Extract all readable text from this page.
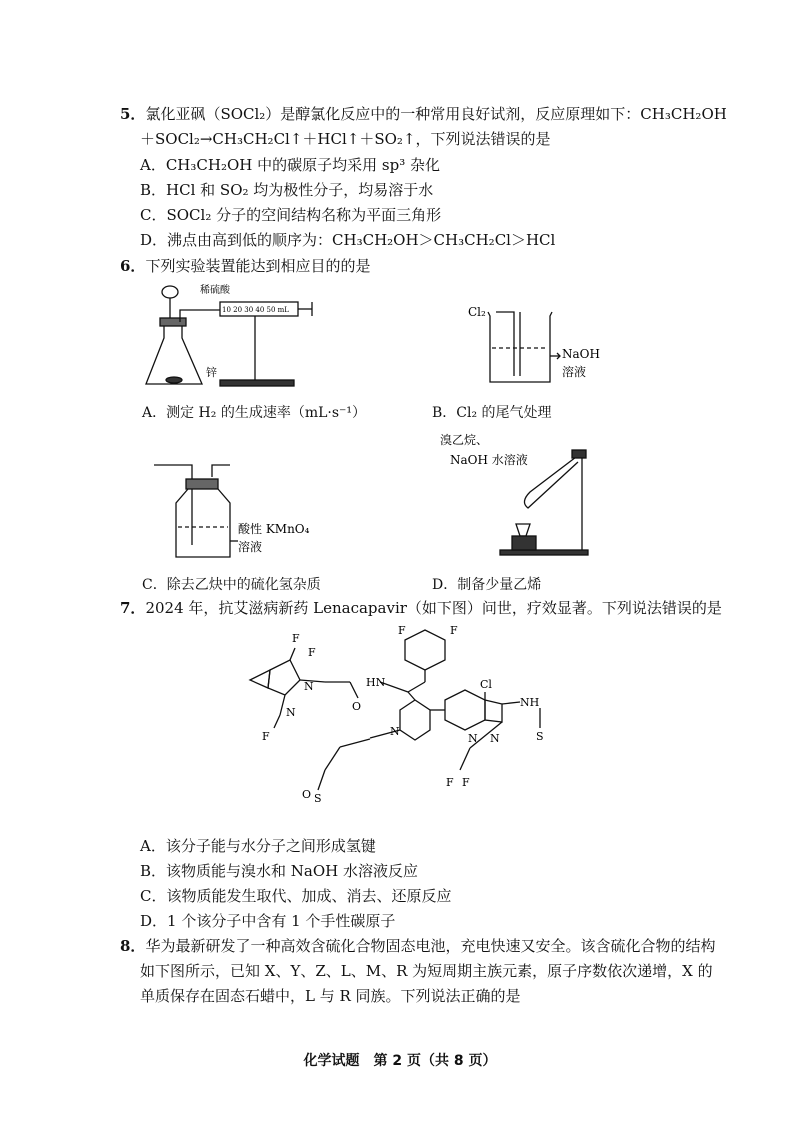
5．氯化亚砜（SOCl₂）是醇氯化反应中的一种常用良好试剂，反应原理如下：CH₃CH₂OH
＋SOCl₂→CH₃CH₂Cl↑＋HCl↑＋SO₂↑，下列说法错误的是
A．CH₃CH₂OH 中的碳原子均采用 sp³ 杂化
B．HCl 和 SO₂ 均为极性分子，均易溶于水
C．SOCl₂ 分子的空间结构名称为平面三角形
D．沸点由高到低的顺序为：CH₃CH₂OH＞CH₃CH₂Cl＞HCl
6．下列实验装置能达到相应目的的是
稀硫酸
10 20 30 40 50 mL
锌
A．测定 H₂ 的生成速率（mL·s⁻¹）
Cl₂
NaOH
溶液
B．Cl₂ 的尾气处理
酸性 KMnO₄
溶液
C．除去乙炔中的硫化氢杂质
溴乙烷、
NaOH 水溶液
D．制备少量乙烯
7．2024 年，抗艾滋病新药 Lenacapavir（如下图）问世，疗效显著。下列说法错误的是
F
F
N
N
F
O
HN
F	F
N
Cl
NH
S
N N
F F
S
O
A．该分子能与水分子之间形成氢键
B．该物质能与溴水和 NaOH 水溶液反应
C．该物质能发生取代、加成、消去、还原反应
D．1 个该分子中含有 1 个手性碳原子
8．华为最新研发了一种高效含硫化合物固态电池，充电快速又安全。该含硫化合物的结构
如下图所示，已知 X、Y、Z、L、M、R 为短周期主族元素，原子序数依次递增，X 的
单质保存在固态石蜡中，L 与 R 同族。下列说法正确的是
化学试题　第 2 页（共 8 页）
